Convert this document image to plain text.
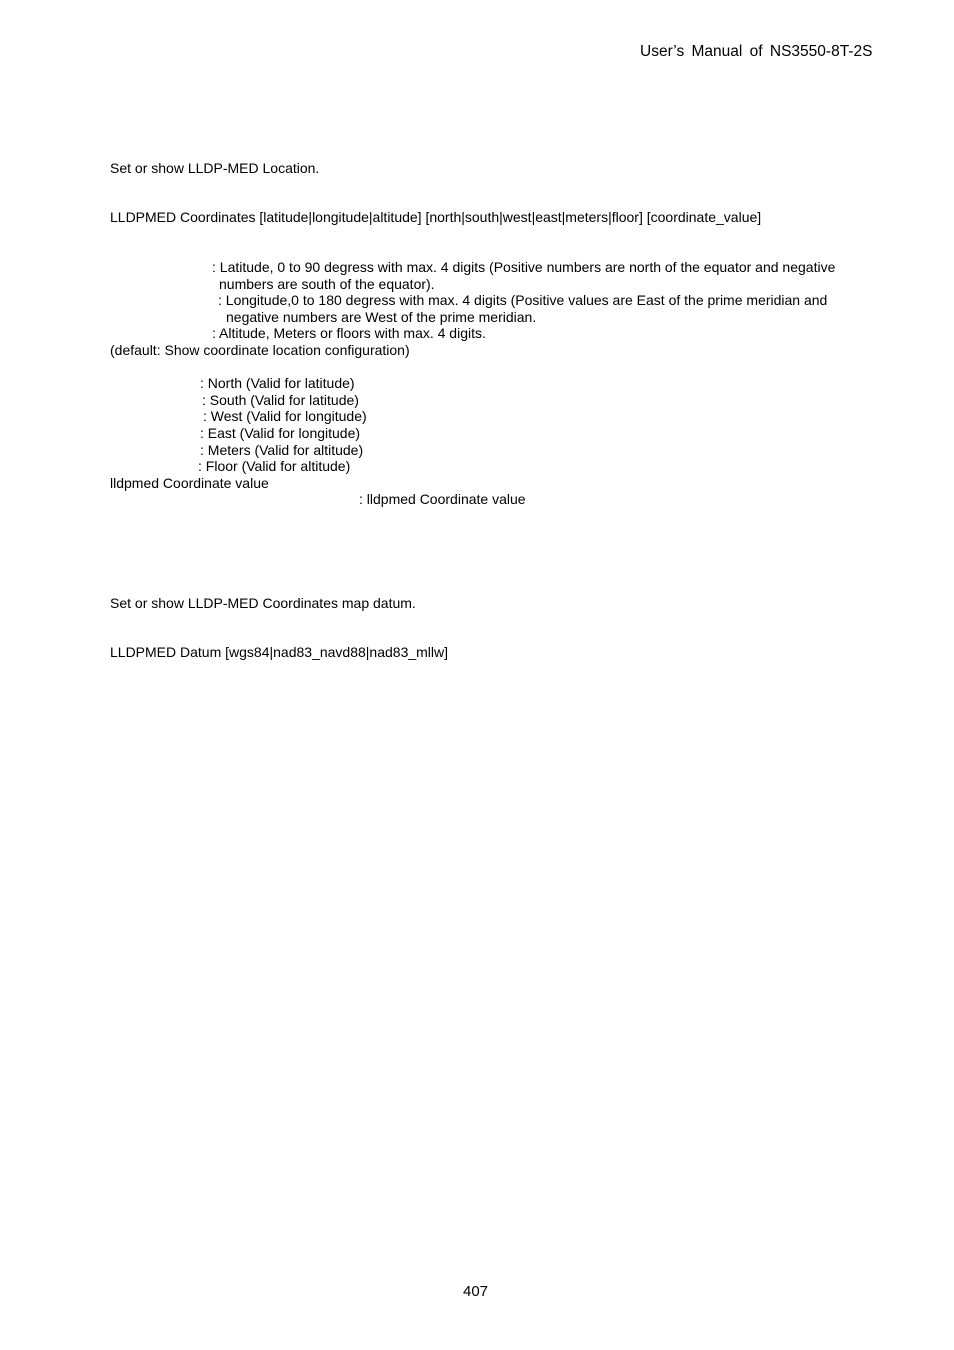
User’s Manual of NS3550-8T-2S
Set or show LLDP-MED Location.
LLDPMED Coordinates [latitude|longitude|altitude] [north|south|west|east|meters|floor] [coordinate_value]
: Latitude, 0 to 90 degress with max. 4 digits (Positive numbers are north of the equator and negative
numbers are south of the equator).
: Longitude,0 to 180 degress with max. 4 digits (Positive values are East of the prime meridian and
negative numbers are West of the prime meridian.
: Altitude, Meters or floors with max. 4 digits.
(default: Show coordinate location configuration)
: North (Valid for latitude)
: South (Valid for latitude)
: West (Valid for longitude)
: East (Valid for longitude)
: Meters (Valid for altitude)
: Floor (Valid for altitude)
lldpmed Coordinate value
: lldpmed Coordinate value
Set or show LLDP-MED Coordinates map datum.
LLDPMED Datum [wgs84|nad83_navd88|nad83_mllw]
407
